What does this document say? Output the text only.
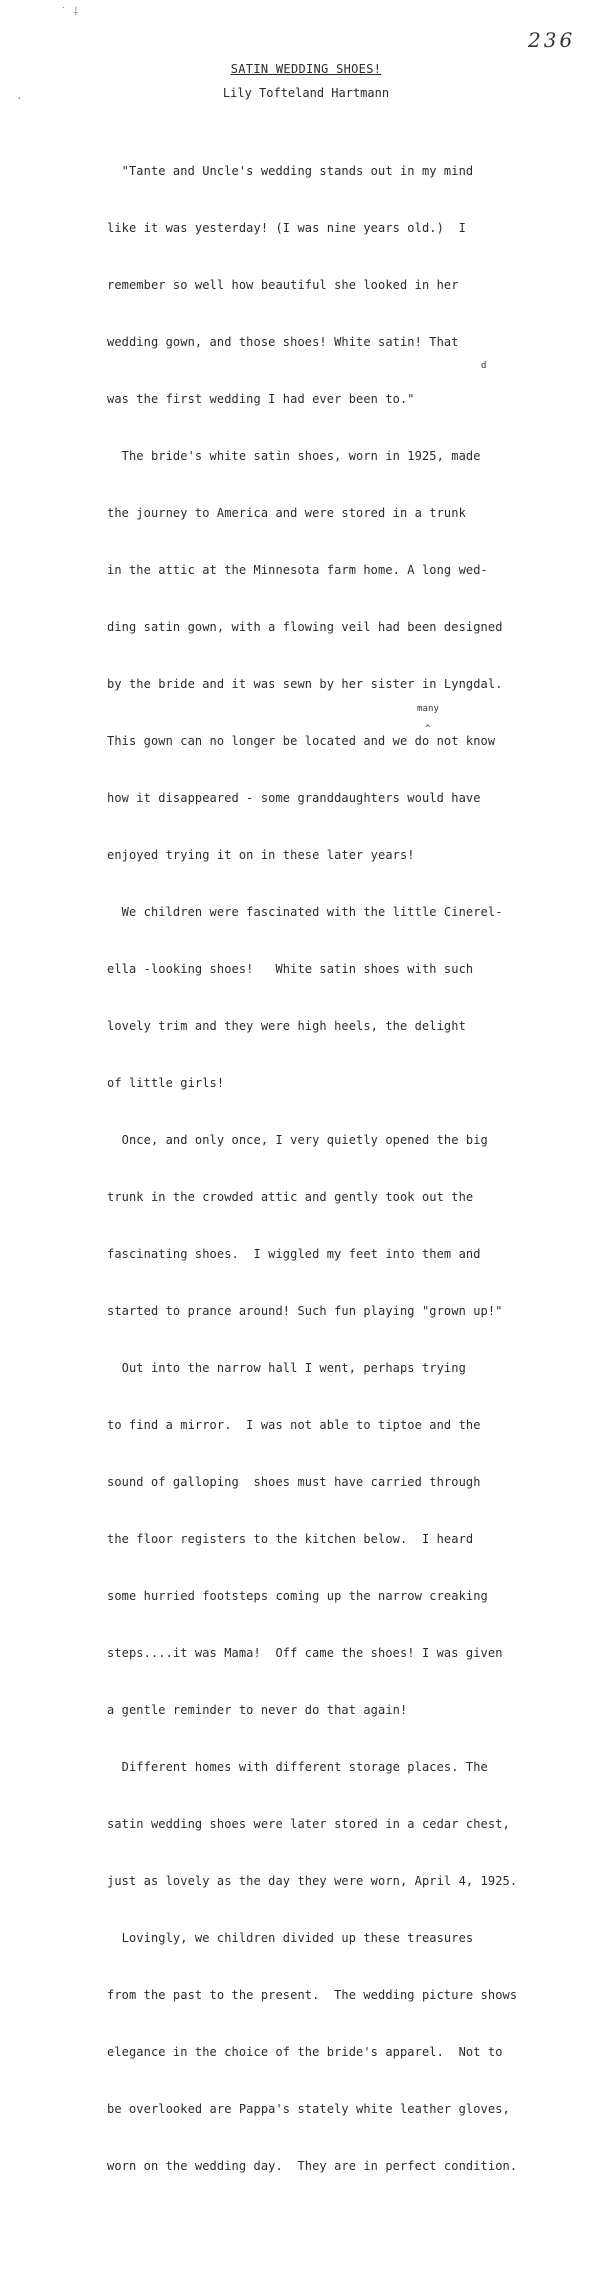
236
˙ ⸸
·
SATIN WEDDING SHOES!
Lily Tofteland Hartmann

"Tante and Uncle's wedding stands out in my mind

like it was yesterday! (I was nine years old.)  I

remember so well how beautiful she looked in her

wedding gown, and those shoes! White satin! That

was the first wedding I had ever been to."

The bride's white satin shoes, worn in 1925, made

the journey to America and were stored in a trunk

in the attic at the Minnesota farm home. A long wed-

ding satin gown, with a flowing veil had been designed

by the bride and it was sewn by her sister in Lyngdal.

This gown can no longer be located and we do not know

how it disappeared - some granddaughters would have

enjoyed trying it on in these later years!

We children were fascinated with the little Cinerel-

ella -looking shoes!   White satin shoes with such

lovely trim and they were high heels, the delight

of little girls!

Once, and only once, I very quietly opened the big

trunk in the crowded attic and gently took out the

fascinating shoes.  I wiggled my feet into them and

started to prance around! Such fun playing "grown up!"

Out into the narrow hall I went, perhaps trying

to find a mirror.  I was not able to tiptoe and the

sound of galloping  shoes must have carried through

the floor registers to the kitchen below.  I heard

some hurried footsteps coming up the narrow creaking

steps....it was Mama!  Off came the shoes! I was given

a gentle reminder to never do that again!

Different homes with different storage places. The

satin wedding shoes were later stored in a cedar chest,

just as lovely as the day they were worn, April 4, 1925.

Lovingly, we children divided up these treasures

from the past to the present.  The wedding picture shows

elegance in the choice of the bride's apparel.  Not to

be overlooked are Pappa's stately white leather gloves,

worn on the wedding day.  They are in perfect condition.

d

many

^
